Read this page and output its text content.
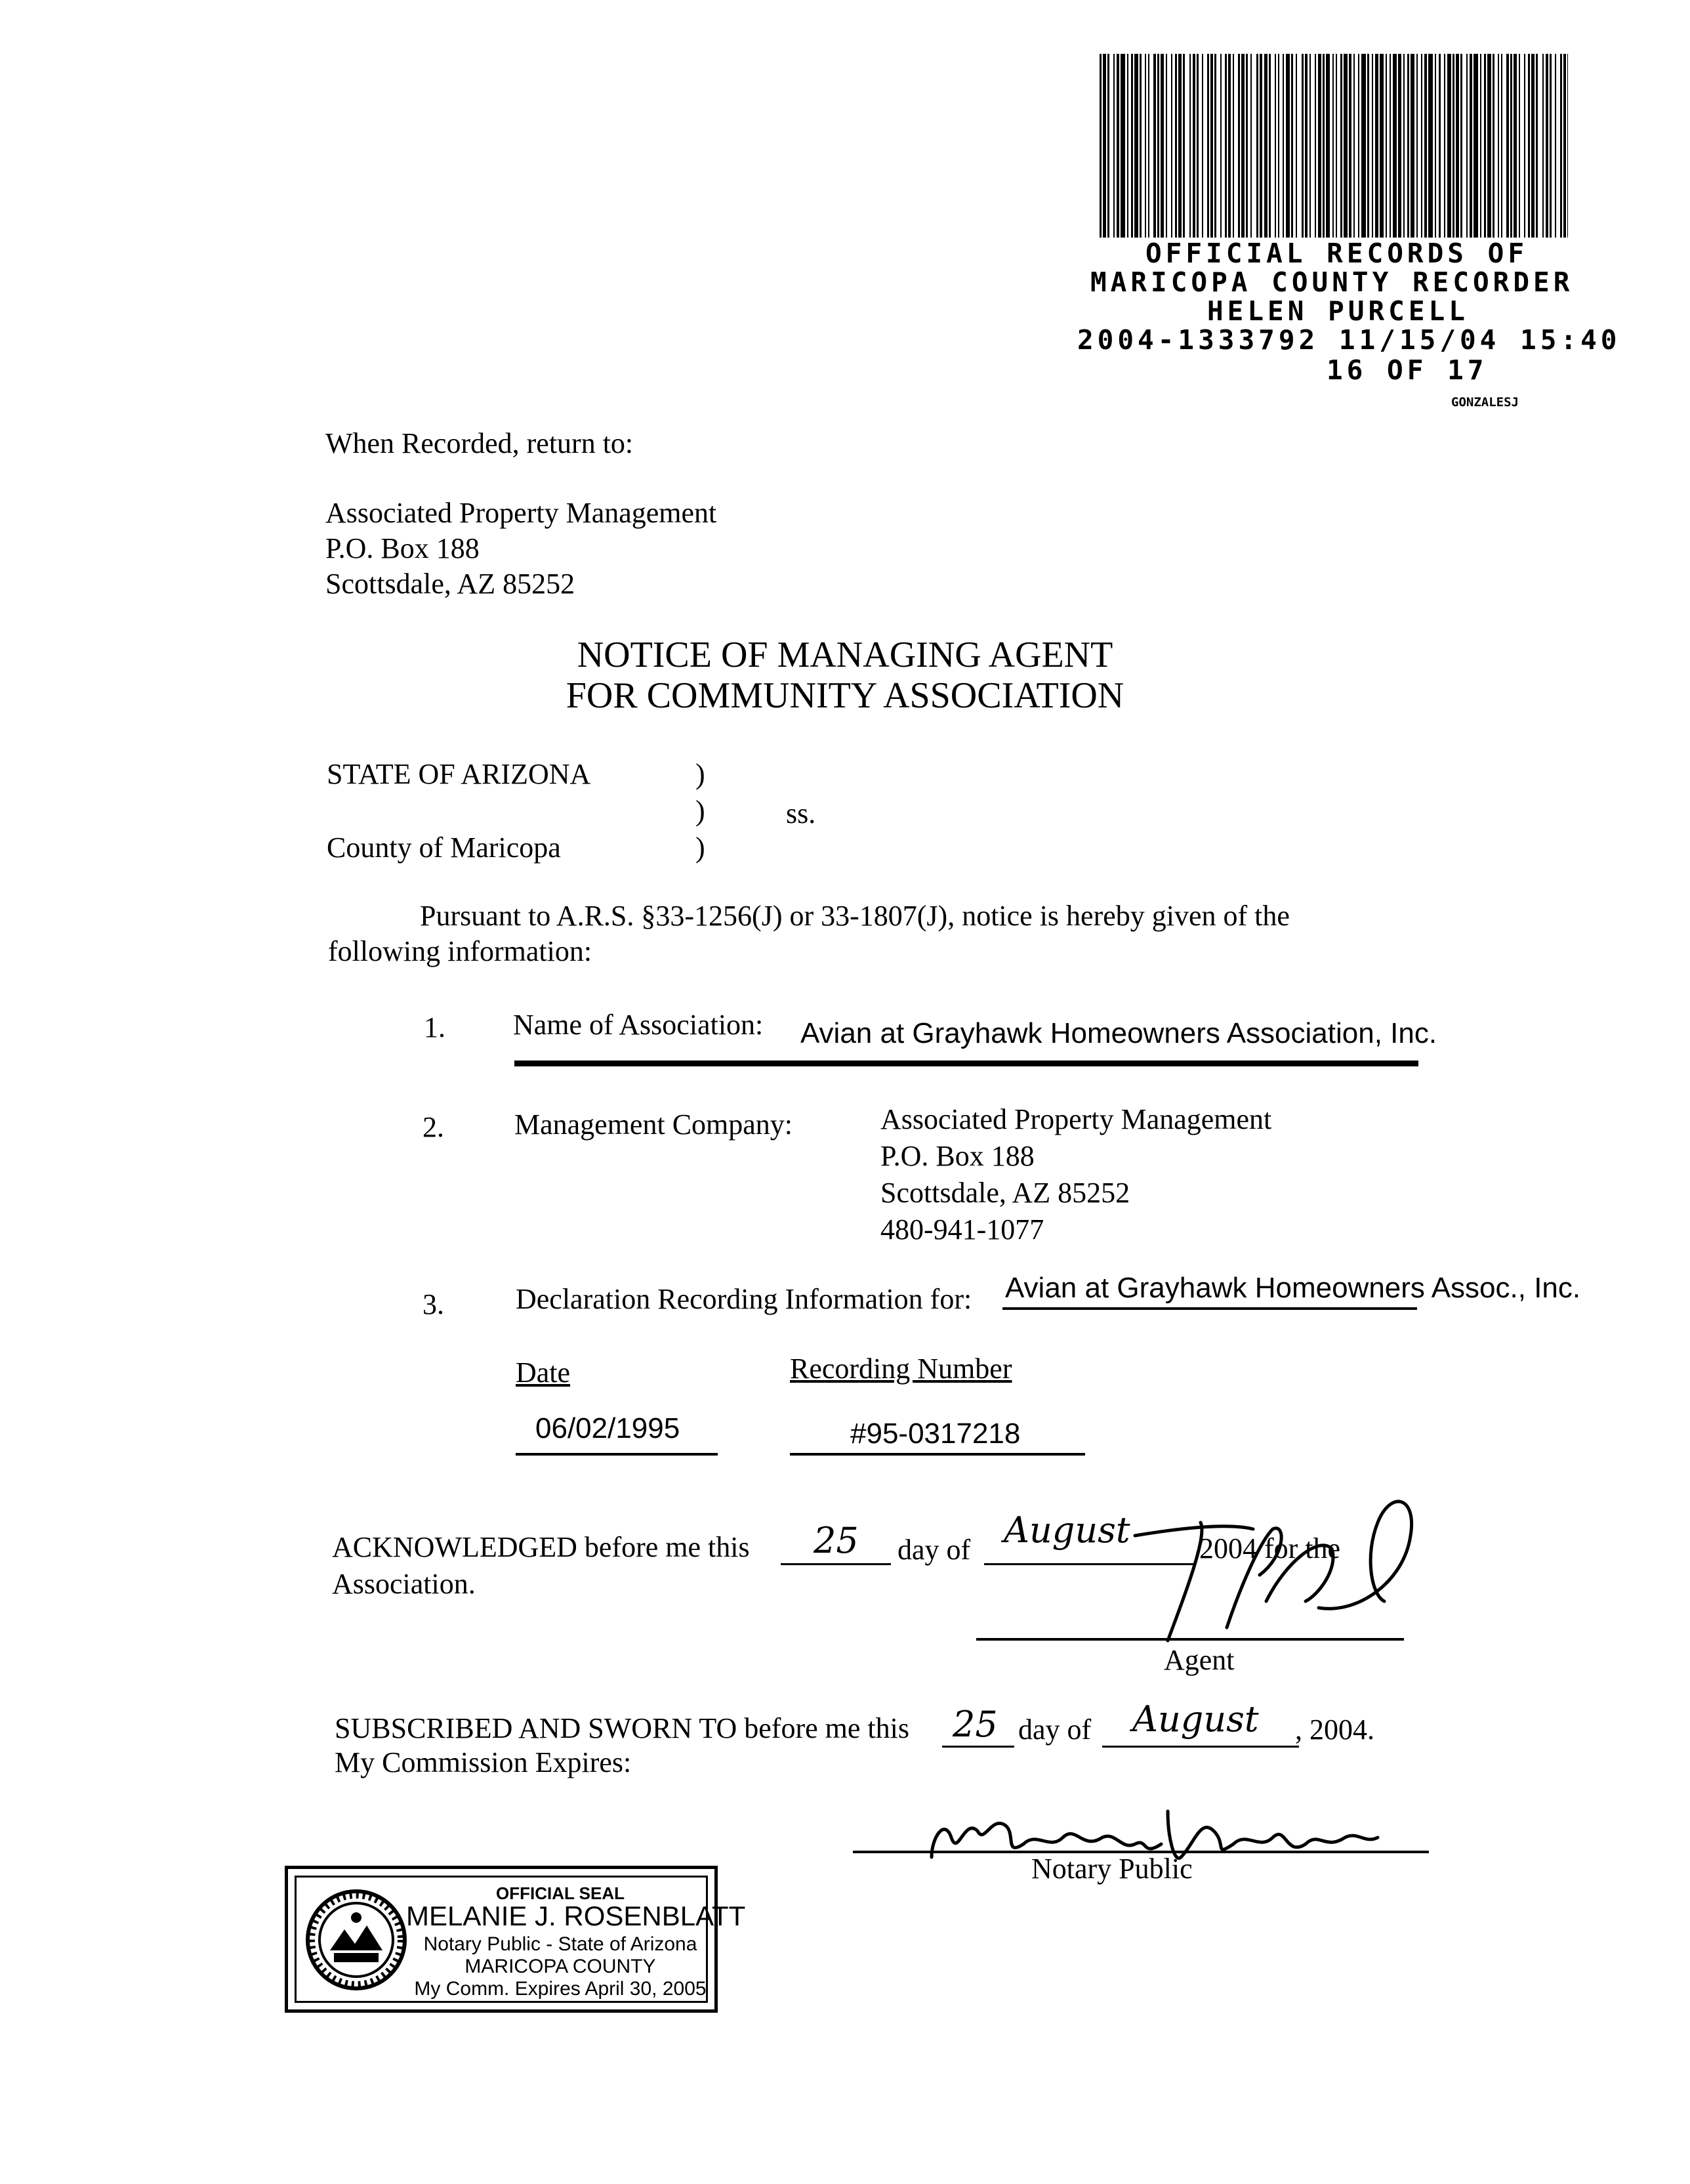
OFFICIAL RECORDS OF
MARICOPA COUNTY RECORDER
HELEN PURCELL
2004-1333792 11/15/04 15:40
16 OF 17
GONZALESJ
When Recorded, return to:
Associated Property Management
P.O. Box 188
Scottsdale, AZ 85252
NOTICE OF MANAGING AGENT
FOR COMMUNITY ASSOCIATION
STATE OF ARIZONA	)
)	ss.
County of Maricopa	)
Pursuant to A.R.S. §33-1256(J) or 33-1807(J), notice is hereby given of the
following information:
1. Name of Association: Avian at Grayhawk Homeowners Association, Inc.
2. Management Company:	Associated Property Management
P.O. Box 188
Scottsdale, AZ 85252
480-941-1077
3. Declaration Recording Information for: Avian at Grayhawk Homeowners Assoc., Inc.
Date	Recording Number
06/02/1995	#95-0317218
ACKNOWLEDGED before me this 25 day of August 2004 for the
Association.
Agent
SUBSCRIBED AND SWORN TO before me this 25 day of August , 2004.
My Commission Expires:
Notary Public
OFFICIAL SEAL
MELANIE J. ROSENBLATT
Notary Public - State of Arizona
MARICOPA COUNTY
My Comm. Expires April 30, 2005
